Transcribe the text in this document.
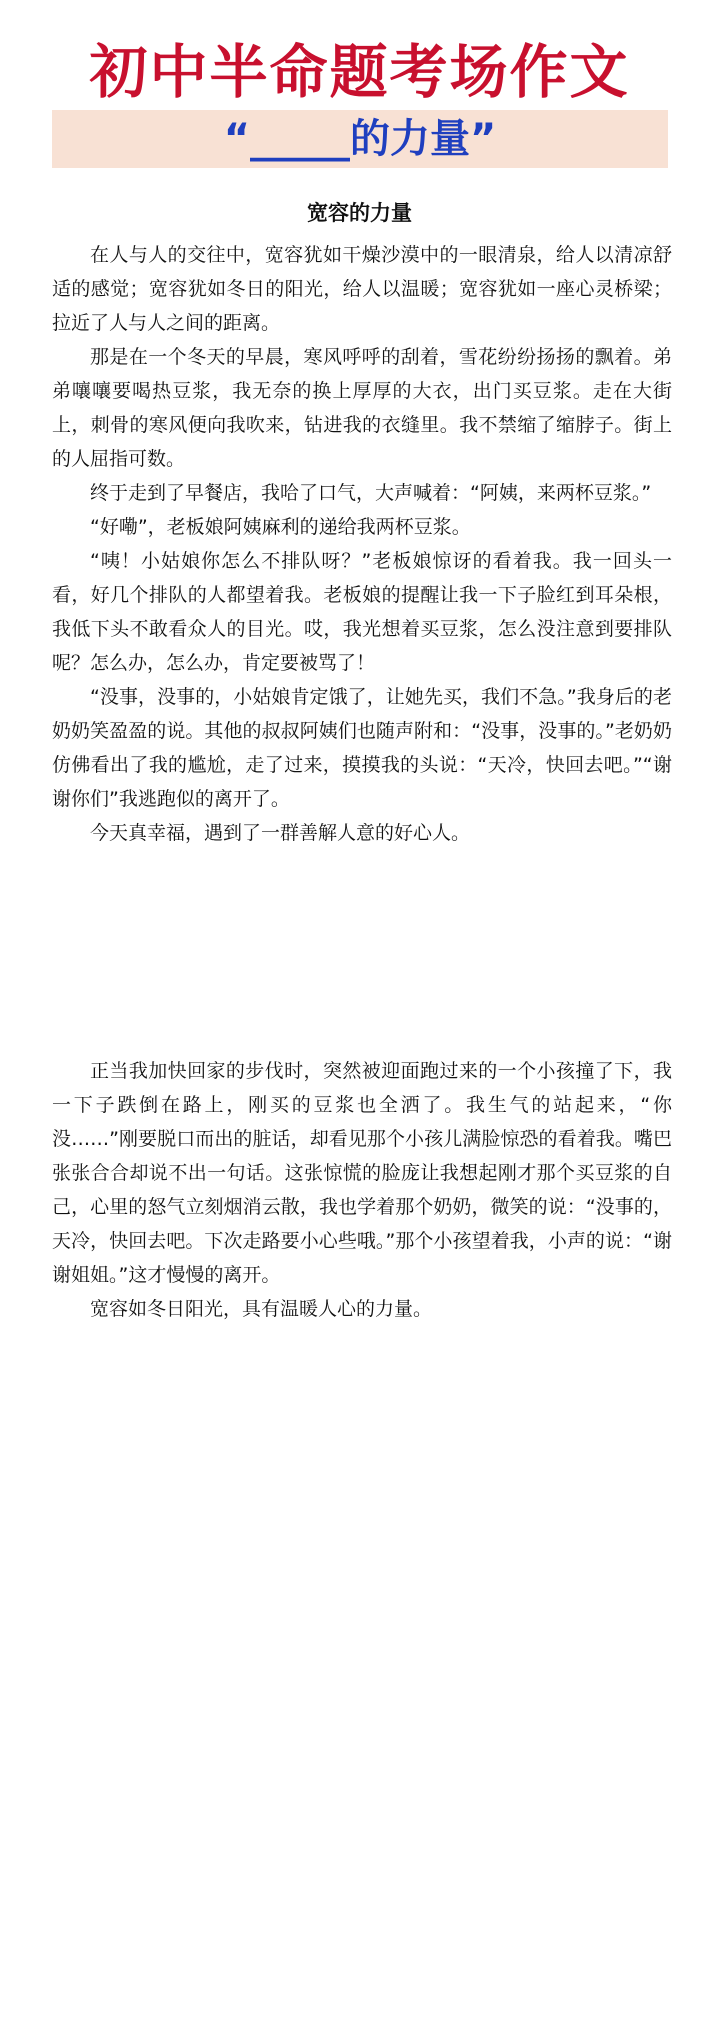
初中半命题考场作文
“_____的力量”
宽容的力量

在人与人的交往中，宽容犹如干燥沙漠中的一眼清泉，给人以清凉舒适的感觉；宽容犹如冬日的阳光，给人以温暖；宽容犹如一座心灵桥梁；拉近了人与人之间的距离。

那是在一个冬天的早晨，寒风呼呼的刮着，雪花纷纷扬扬的飘着。弟弟嚷嚷要喝热豆浆，我无奈的换上厚厚的大衣，出门买豆浆。走在大街上，刺骨的寒风便向我吹来，钻进我的衣缝里。我不禁缩了缩脖子。街上的人屈指可数。

终于走到了早餐店，我哈了口气，大声喊着：“阿姨，来两杯豆浆。”

“好嘞”，老板娘阿姨麻利的递给我两杯豆浆。

“咦！小姑娘你怎么不排队呀？”老板娘惊讶的看着我。我一回头一看，好几个排队的人都望着我。老板娘的提醒让我一下子脸红到耳朵根，我低下头不敢看众人的目光。哎，我光想着买豆浆，怎么没注意到要排队呢？怎么办，怎么办，肯定要被骂了！

“没事，没事的，小姑娘肯定饿了，让她先买，我们不急。”我身后的老奶奶笑盈盈的说。其他的叔叔阿姨们也随声附和：“没事，没事的。”老奶奶仿佛看出了我的尴尬，走了过来，摸摸我的头说：“天冷，快回去吧。”“谢谢你们”我逃跑似的离开了。

今天真幸福，遇到了一群善解人意的好心人。

正当我加快回家的步伐时，突然被迎面跑过来的一个小孩撞了下，我一下子跌倒在路上，刚买的豆浆也全洒了。我生气的站起来，“你没……”刚要脱口而出的脏话，却看见那个小孩儿满脸惊恐的看着我。嘴巴张张合合却说不出一句话。这张惊慌的脸庞让我想起刚才那个买豆浆的自己，心里的怒气立刻烟消云散，我也学着那个奶奶，微笑的说：“没事的，天冷，快回去吧。下次走路要小心些哦。”那个小孩望着我，小声的说：“谢谢姐姐。”这才慢慢的离开。

宽容如冬日阳光，具有温暖人心的力量。
